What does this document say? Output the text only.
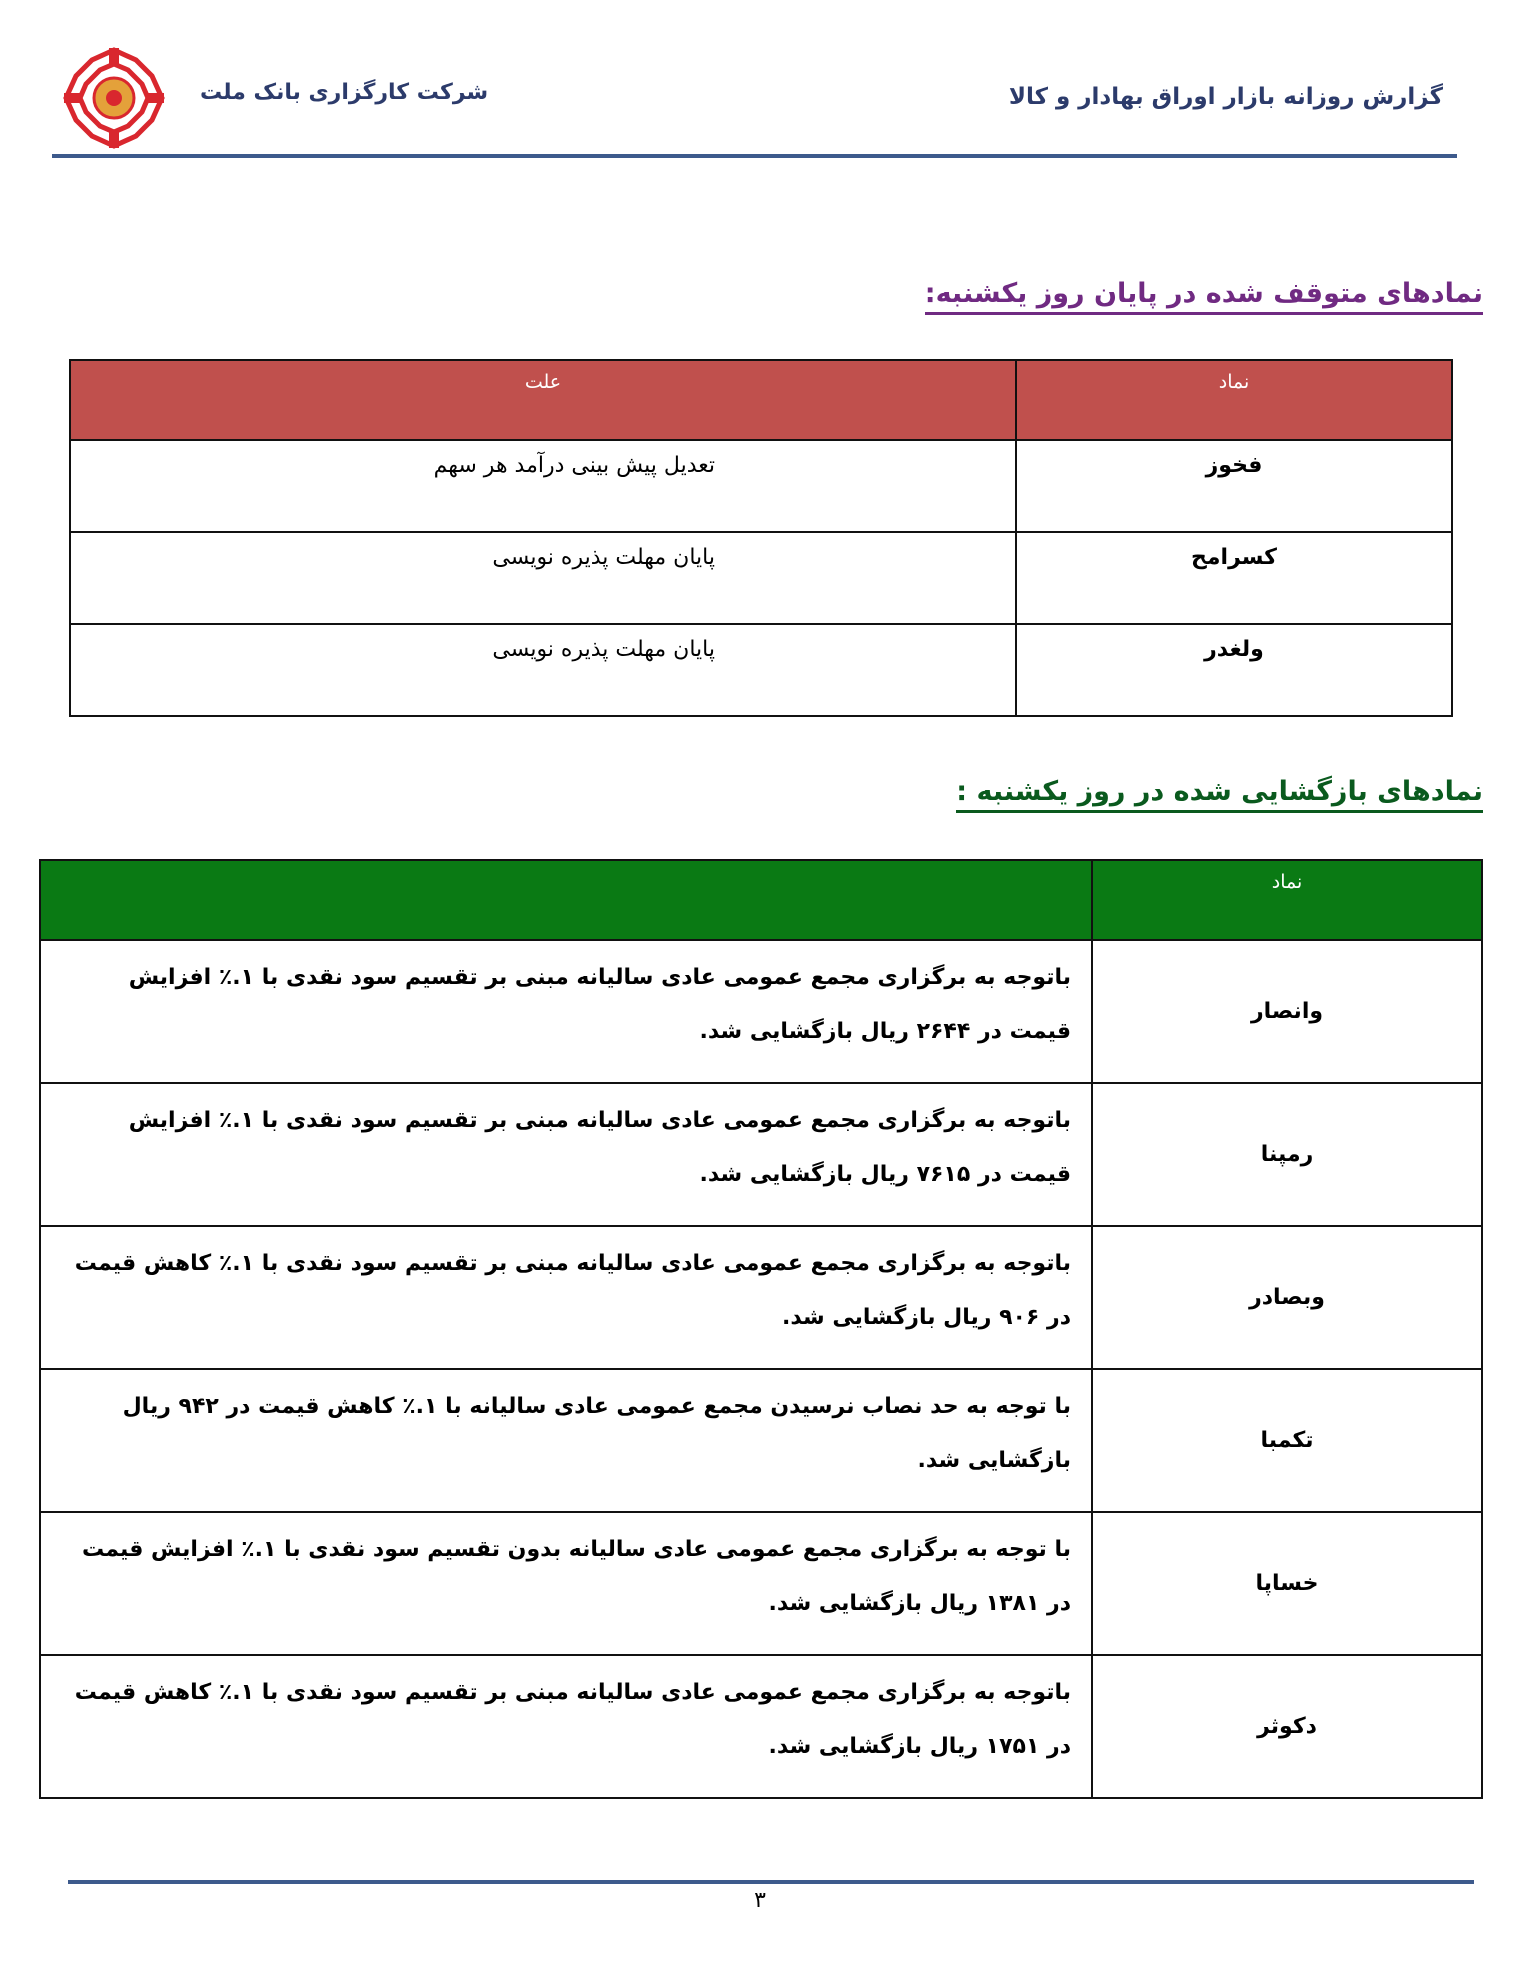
شرکت کارگزاری بانک ملت	گزارش روزانه بازار اوراق بهادار و کالا
نمادهای متوقف شده در پایان روز یکشنبه:
نماد	علت
فخوز	تعدیل پیش بینی درآمد هر سهم
کسرامح	پایان مهلت پذیره نویسی
ولغدر	پایان مهلت پذیره نویسی
نمادهای بازگشایی شده در روز یکشنبه :
نماد	
وانصار	باتوجه به برگزاری مجمع عمومی عادی سالیانه مبنی بر تقسیم سود نقدی با ۱.٪ افزایش قیمت در ۲۶۴۴ ریال بازگشایی شد.
رمپنا	باتوجه به برگزاری مجمع عمومی عادی سالیانه مبنی بر تقسیم سود نقدی با ۱.٪ افزایش قیمت در ۷۶۱۵ ریال بازگشایی شد.
وبصادر	باتوجه به برگزاری مجمع عمومی عادی سالیانه مبنی بر تقسیم سود نقدی با ۱.٪ کاهش قیمت در ۹۰۶ ریال بازگشایی شد.
تکمبا	با توجه به حد نصاب نرسیدن مجمع عمومی عادی سالیانه با ۱.٪ کاهش قیمت در ۹۴۲ ریال بازگشایی شد.
خساپا	با توجه به برگزاری مجمع عمومی عادی سالیانه بدون تقسیم سود نقدی با ۱.٪ افزایش قیمت در ۱۳۸۱ ریال بازگشایی شد.
دکوثر	باتوجه به برگزاری مجمع عمومی عادی سالیانه مبنی بر تقسیم سود نقدی با ۱.٪ کاهش قیمت در ۱۷۵۱ ریال بازگشایی شد.
۳
